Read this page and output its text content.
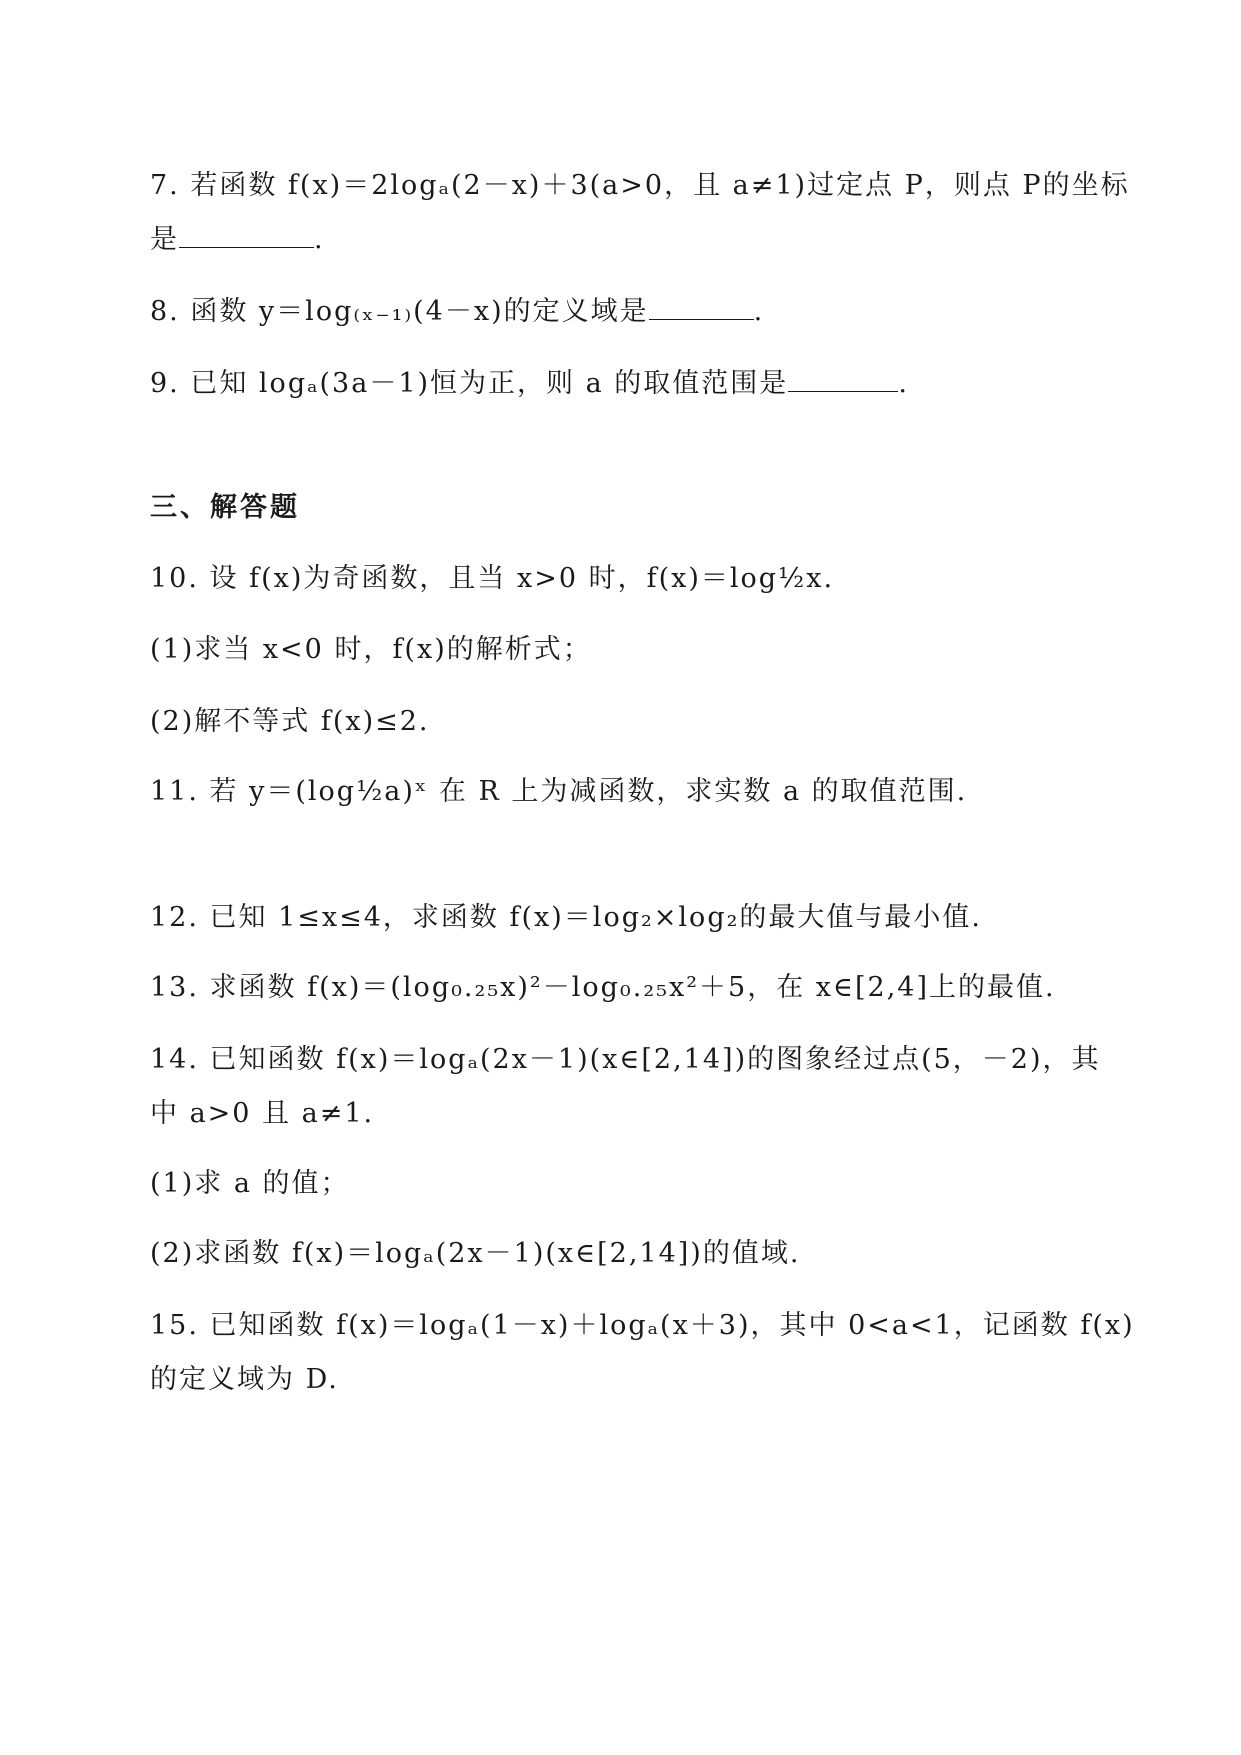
7. 若函数 f(x)＝2logₐ(2－x)＋3(a>0，且 a≠1)过定点 P，则点 P的坐标
是	.
8. 函数 y＝log₍ₓ₋₁₎(4－x)的定义域是	.
9. 已知 logₐ(3a－1)恒为正，则 a 的取值范围是	.
三、解答题
10. 设 f(x)为奇函数，且当 x>0 时，f(x)＝log½x.
(1)求当 x<0 时，f(x)的解析式；
(2)解不等式 f(x)≤2.
11. 若 y＝(log½a)ˣ 在 R 上为减函数，求实数 a 的取值范围.
12. 已知 1≤x≤4，求函数 f(x)＝log₂×log₂的最大值与最小值.
13. 求函数 f(x)＝(log₀.₂₅x)²－log₀.₂₅x²＋5，在 x∈[2,4]上的最值.
14. 已知函数 f(x)＝logₐ(2x－1)(x∈[2,14])的图象经过点(5，－2)，其
中 a>0 且 a≠1.
(1)求 a 的值；
(2)求函数 f(x)＝logₐ(2x－1)(x∈[2,14])的值域.
15. 已知函数 f(x)＝logₐ(1－x)＋logₐ(x＋3)，其中 0<a<1，记函数 f(x)
的定义域为 D.
